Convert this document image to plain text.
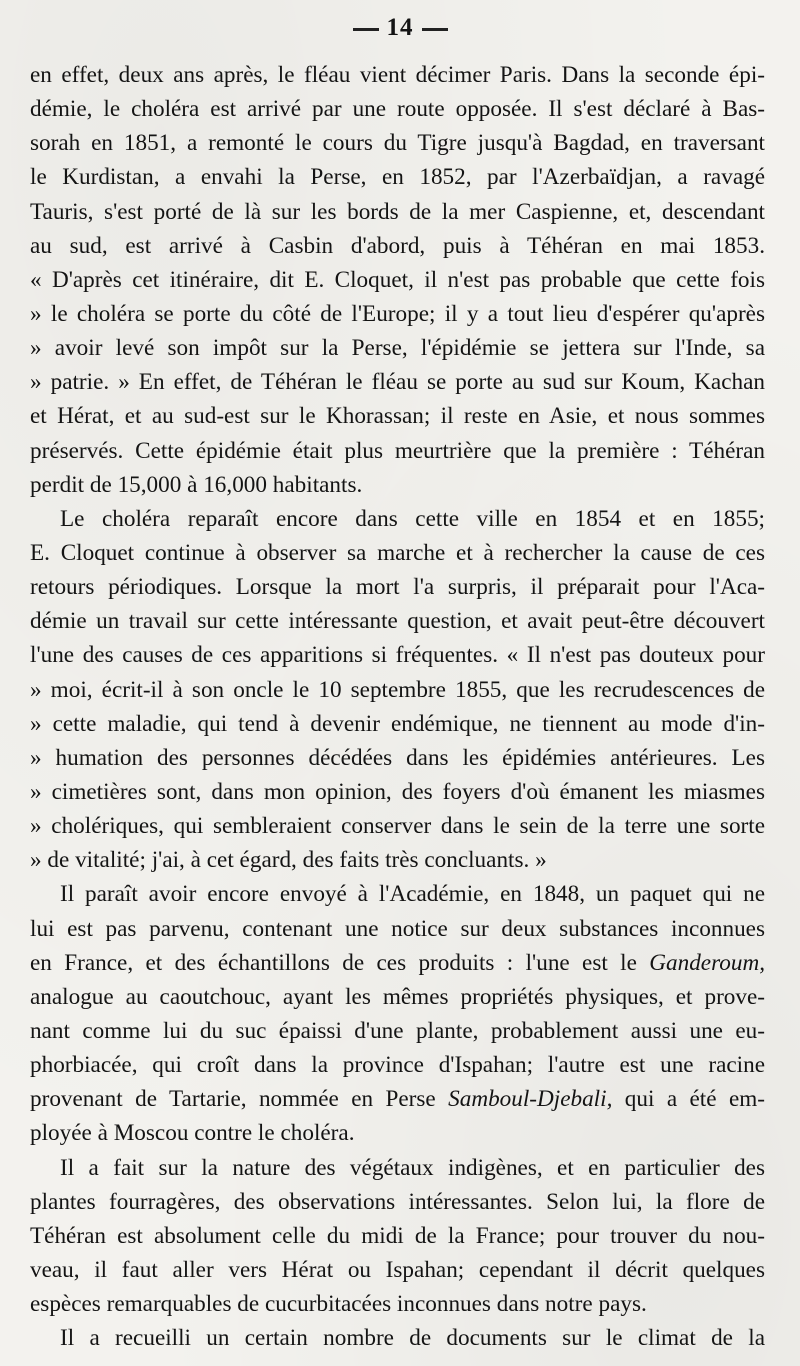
14
en effet, deux ans après, le fléau vient décimer Paris. Dans la seconde épi-
démie, le choléra est arrivé par une route opposée. Il s'est déclaré à Bas-
sorah en 1851, a remonté le cours du Tigre jusqu'à Bagdad, en traversant
le Kurdistan, a envahi la Perse, en 1852, par l'Azerbaïdjan, a ravagé
Tauris, s'est porté de là sur les bords de la mer Caspienne, et, descendant
au sud, est arrivé à Casbin d'abord, puis à Téhéran en mai 1853.
« D'après cet itinéraire, dit E. Cloquet, il n'est pas probable que cette fois
» le choléra se porte du côté de l'Europe; il y a tout lieu d'espérer qu'après
» avoir levé son impôt sur la Perse, l'épidémie se jettera sur l'Inde, sa
» patrie. » En effet, de Téhéran le fléau se porte au sud sur Koum, Kachan
et Hérat, et au sud-est sur le Khorassan; il reste en Asie, et nous sommes
préservés. Cette épidémie était plus meurtrière que la première : Téhéran
perdit de 15,000 à 16,000 habitants.
Le choléra reparaît encore dans cette ville en 1854 et en 1855;
E. Cloquet continue à observer sa marche et à rechercher la cause de ces
retours périodiques. Lorsque la mort l'a surpris, il préparait pour l'Aca-
démie un travail sur cette intéressante question, et avait peut-être découvert
l'une des causes de ces apparitions si fréquentes. « Il n'est pas douteux pour
» moi, écrit-il à son oncle le 10 septembre 1855, que les recrudescences de
» cette maladie, qui tend à devenir endémique, ne tiennent au mode d'in-
» humation des personnes décédées dans les épidémies antérieures. Les
» cimetières sont, dans mon opinion, des foyers d'où émanent les miasmes
» cholériques, qui sembleraient conserver dans le sein de la terre une sorte
» de vitalité; j'ai, à cet égard, des faits très concluants. »
Il paraît avoir encore envoyé à l'Académie, en 1848, un paquet qui ne
lui est pas parvenu, contenant une notice sur deux substances inconnues
en France, et des échantillons de ces produits : l'une est le Ganderoum,
analogue au caoutchouc, ayant les mêmes propriétés physiques, et prove-
nant comme lui du suc épaissi d'une plante, probablement aussi une eu-
phorbiacée, qui croît dans la province d'Ispahan; l'autre est une racine
provenant de Tartarie, nommée en Perse Samboul-Djebali, qui a été em-
ployée à Moscou contre le choléra.
Il a fait sur la nature des végétaux indigènes, et en particulier des
plantes fourragères, des observations intéressantes. Selon lui, la flore de
Téhéran est absolument celle du midi de la France; pour trouver du nou-
veau, il faut aller vers Hérat ou Ispahan; cependant il décrit quelques
espèces remarquables de cucurbitacées inconnues dans notre pays.
Il a recueilli un certain nombre de documents sur le climat de la
